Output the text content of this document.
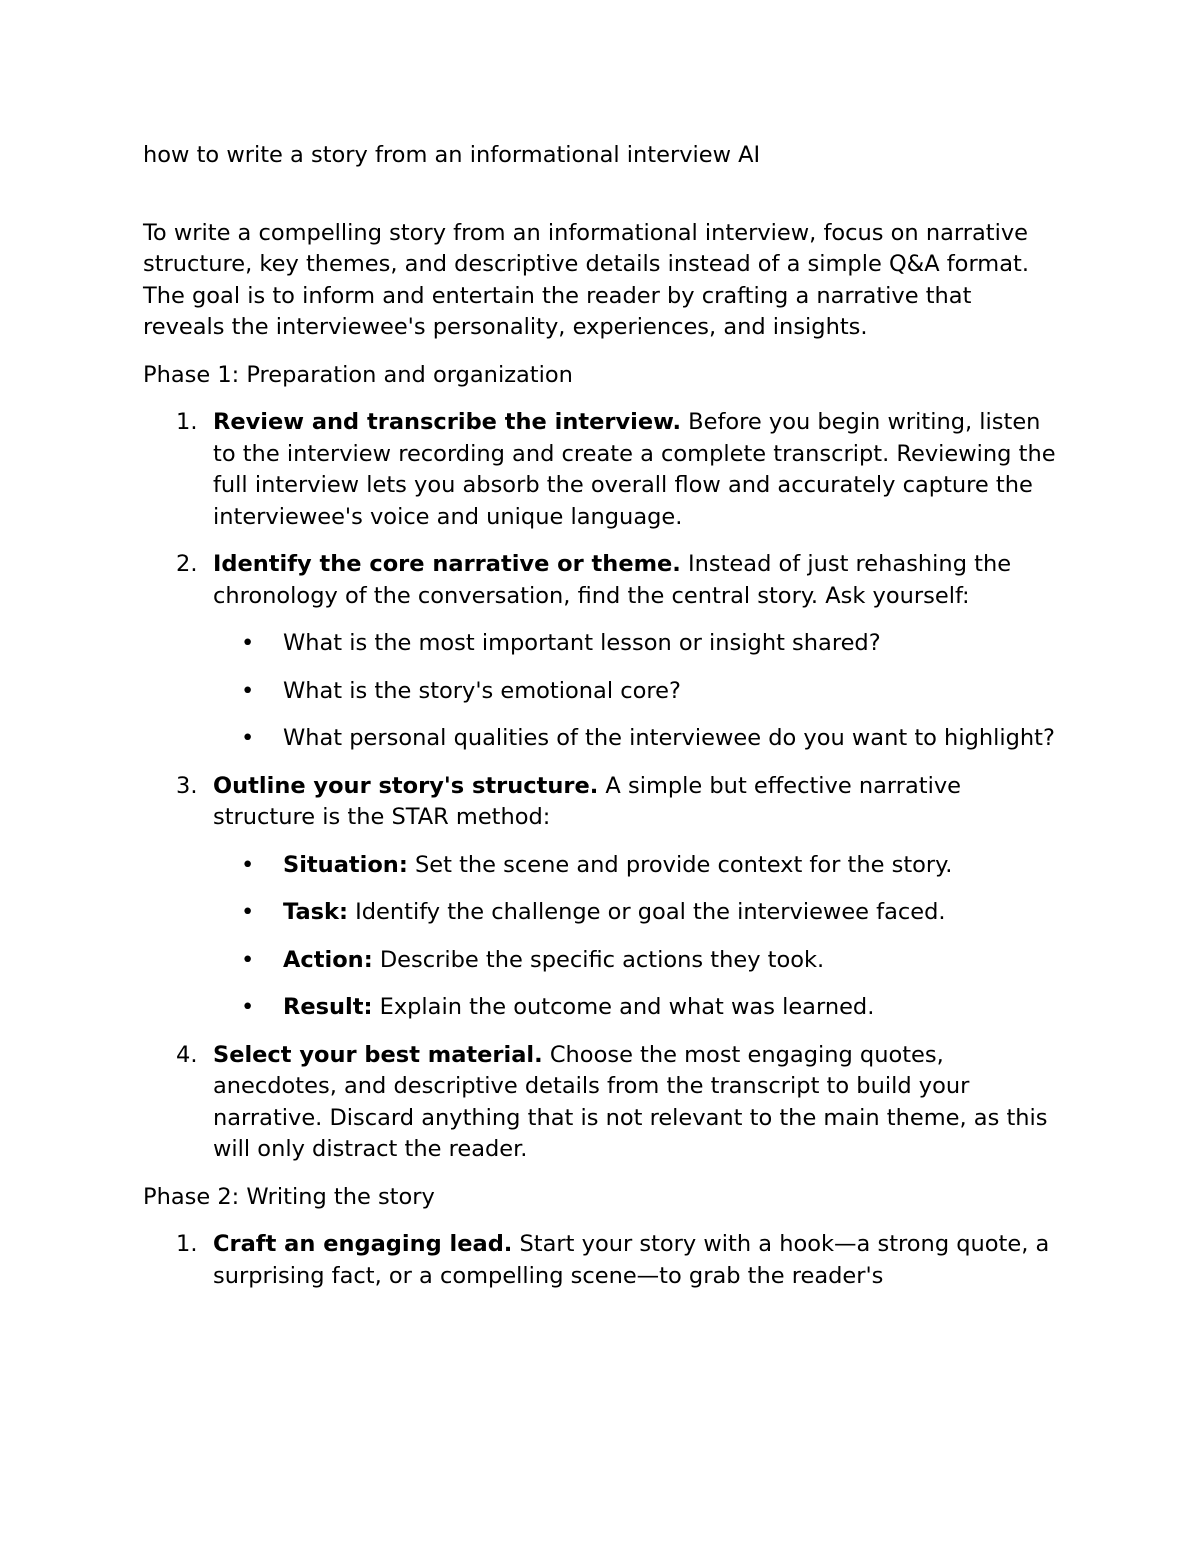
how to write a story from an informational interview AI

To write a compelling story from an informational interview, focus on narrative structure, key themes, and descriptive details instead of a simple Q&A format. The goal is to inform and entertain the reader by crafting a narrative that reveals the interviewee's personality, experiences, and insights.

Phase 1: Preparation and organization

1. Review and transcribe the interview. Before you begin writing, listen to the interview recording and create a complete transcript. Reviewing the full interview lets you absorb the overall flow and accurately capture the interviewee's voice and unique language.
2. Identify the core narrative or theme. Instead of just rehashing the chronology of the conversation, find the central story. Ask yourself:
• What is the most important lesson or insight shared?
• What is the story's emotional core?
• What personal qualities of the interviewee do you want to highlight?
3. Outline your story's structure. A simple but effective narrative structure is the STAR method:
• Situation: Set the scene and provide context for the story.
• Task: Identify the challenge or goal the interviewee faced.
• Action: Describe the specific actions they took.
• Result: Explain the outcome and what was learned.
4. Select your best material. Choose the most engaging quotes, anecdotes, and descriptive details from the transcript to build your narrative. Discard anything that is not relevant to the main theme, as this will only distract the reader.

Phase 2: Writing the story

1. Craft an engaging lead. Start your story with a hook—a strong quote, a surprising fact, or a compelling scene—to grab the reader's
